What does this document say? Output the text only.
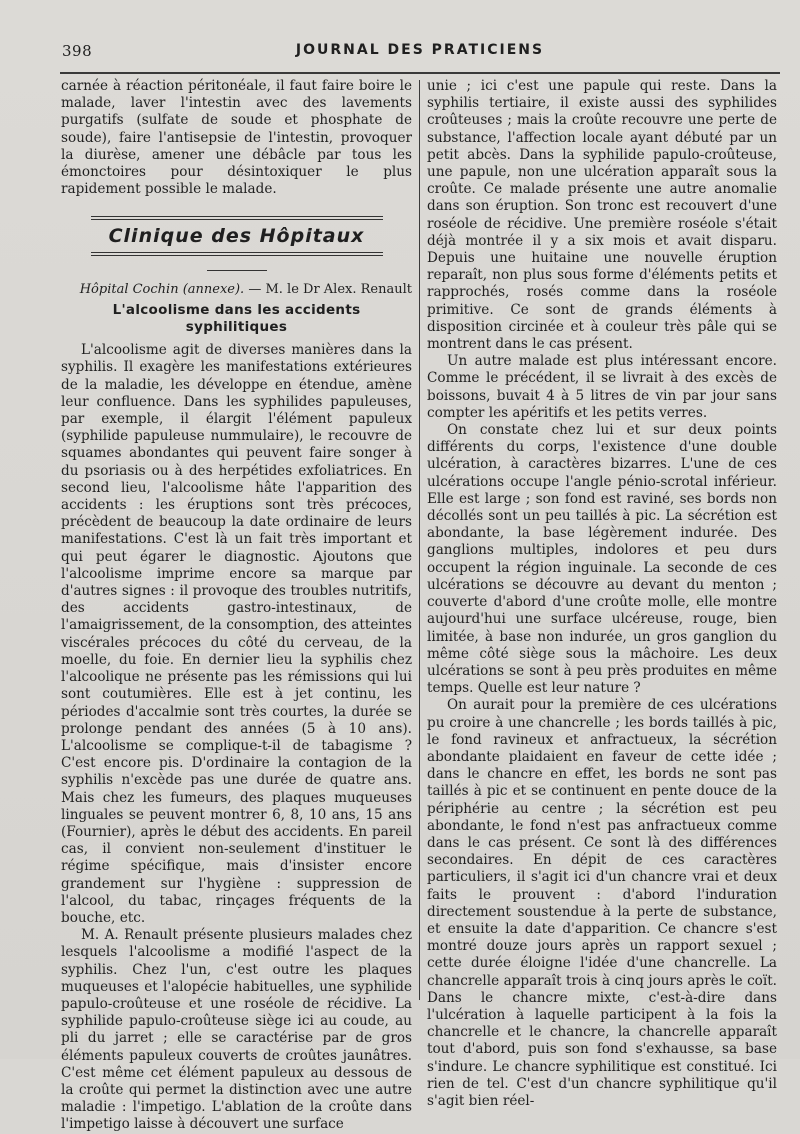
398	JOURNAL DES PRATICIENS

carnée à réaction péritonéale, il faut faire boire le malade, laver l'intestin avec des lavements purgatifs (sulfate de soude et phosphate de soude), faire l'antisepsie de l'intestin, provoquer la diurèse, amener une débâcle par tous les émonctoires pour désintoxiquer le plus rapidement possible le malade.

Clinique des Hôpitaux
Hôpital Cochin (annexe). — M. le Dr Alex. Renault
L'alcoolisme dans les accidents syphilitiques

L'alcoolisme agit de diverses manières dans la syphilis. Il exagère les manifestations extérieures de la maladie, les développe en étendue, amène leur confluence. Dans les syphilides papuleuses, par exemple, il élargit l'élément papuleux (syphilide papuleuse nummulaire), le recouvre de squames abondantes qui peuvent faire songer à du psoriasis ou à des herpétides exfoliatrices. En second lieu, l'alcoolisme hâte l'apparition des accidents : les éruptions sont très précoces, précèdent de beaucoup la date ordinaire de leurs manifestations. C'est là un fait très important et qui peut égarer le diagnostic. Ajoutons que l'alcoolisme imprime encore sa marque par d'autres signes : il provoque des troubles nutritifs, des accidents gastro-intestinaux, de l'amaigrissement, de la consomption, des atteintes viscérales précoces du côté du cerveau, de la moelle, du foie. En dernier lieu la syphilis chez l'alcoolique ne présente pas les rémissions qui lui sont coutumières. Elle est à jet continu, les périodes d'accalmie sont très courtes, la durée se prolonge pendant des années (5 à 10 ans). L'alcoolisme se complique-t-il de tabagisme ? C'est encore pis. D'ordinaire la contagion de la syphilis n'excède pas une durée de quatre ans. Mais chez les fumeurs, des plaques muqueuses linguales se peuvent montrer 6, 8, 10 ans, 15 ans (Fournier), après le début des accidents. En pareil cas, il convient non-seulement d'instituer le régime spécifique, mais d'insister encore grandement sur l'hygiène : suppression de l'alcool, du tabac, rinçages fréquents de la bouche, etc.

M. A. Renault présente plusieurs malades chez lesquels l'alcoolisme a modifié l'aspect de la syphilis. Chez l'un, c'est outre les plaques muqueuses et l'alopécie habituelles, une syphilide papulo-croûteuse et une roséole de récidive. La syphilide papulo-croûteuse siège ici au coude, au pli du jarret ; elle se caractérise par de gros éléments papuleux couverts de croûtes jaunâtres. C'est même cet élément papuleux au dessous de la croûte qui permet la distinction avec une autre maladie : l'impetigo. L'ablation de la croûte dans l'impetigo laisse à découvert une surface

unie ; ici c'est une papule qui reste. Dans la syphilis tertiaire, il existe aussi des syphilides croûteuses ; mais la croûte recouvre une perte de substance, l'affection locale ayant débuté par un petit abcès. Dans la syphilide papulo-croûteuse, une papule, non une ulcération apparaît sous la croûte. Ce malade présente une autre anomalie dans son éruption. Son tronc est recouvert d'une roséole de récidive. Une première roséole s'était déjà montrée il y a six mois et avait disparu. Depuis une huitaine une nouvelle éruption reparaît, non plus sous forme d'éléments petits et rapprochés, rosés comme dans la roséole primitive. Ce sont de grands éléments à disposition circinée et à couleur très pâle qui se montrent dans le cas présent.

Un autre malade est plus intéressant encore. Comme le précédent, il se livrait à des excès de boissons, buvait 4 à 5 litres de vin par jour sans compter les apéritifs et les petits verres.

On constate chez lui et sur deux points différents du corps, l'existence d'une double ulcération, à caractères bizarres. L'une de ces ulcérations occupe l'angle pénio-scrotal inférieur. Elle est large ; son fond est raviné, ses bords non décollés sont un peu taillés à pic. La sécrétion est abondante, la base légèrement indurée. Des ganglions multiples, indolores et peu durs occupent la région inguinale. La seconde de ces ulcérations se découvre au devant du menton ; couverte d'abord d'une croûte molle, elle montre aujourd'hui une surface ulcéreuse, rouge, bien limitée, à base non indurée, un gros ganglion du même côté siège sous la mâchoire. Les deux ulcérations se sont à peu près produites en même temps. Quelle est leur nature ?

On aurait pour la première de ces ulcérations pu croire à une chancrelle ; les bords taillés à pic, le fond ravineux et anfractueux, la sécrétion abondante plaidaient en faveur de cette idée ; dans le chancre en effet, les bords ne sont pas taillés à pic et se continuent en pente douce de la périphérie au centre ; la sécrétion est peu abondante, le fond n'est pas anfractueux comme dans le cas présent. Ce sont là des différences secondaires. En dépit de ces caractères particuliers, il s'agit ici d'un chancre vrai et deux faits le prouvent : d'abord l'induration directement soustendue à la perte de substance, et ensuite la date d'apparition. Ce chancre s'est montré douze jours après un rapport sexuel ; cette durée éloigne l'idée d'une chancrelle. La chancrelle apparaît trois à cinq jours après le coït. Dans le chancre mixte, c'est-à-dire dans l'ulcération à laquelle participent à la fois la chancrelle et le chancre, la chancrelle apparaît tout d'abord, puis son fond s'exhausse, sa base s'indure. Le chancre syphilitique est constitué. Ici rien de tel. C'est d'un chancre syphilitique qu'il s'agit bien réel-
